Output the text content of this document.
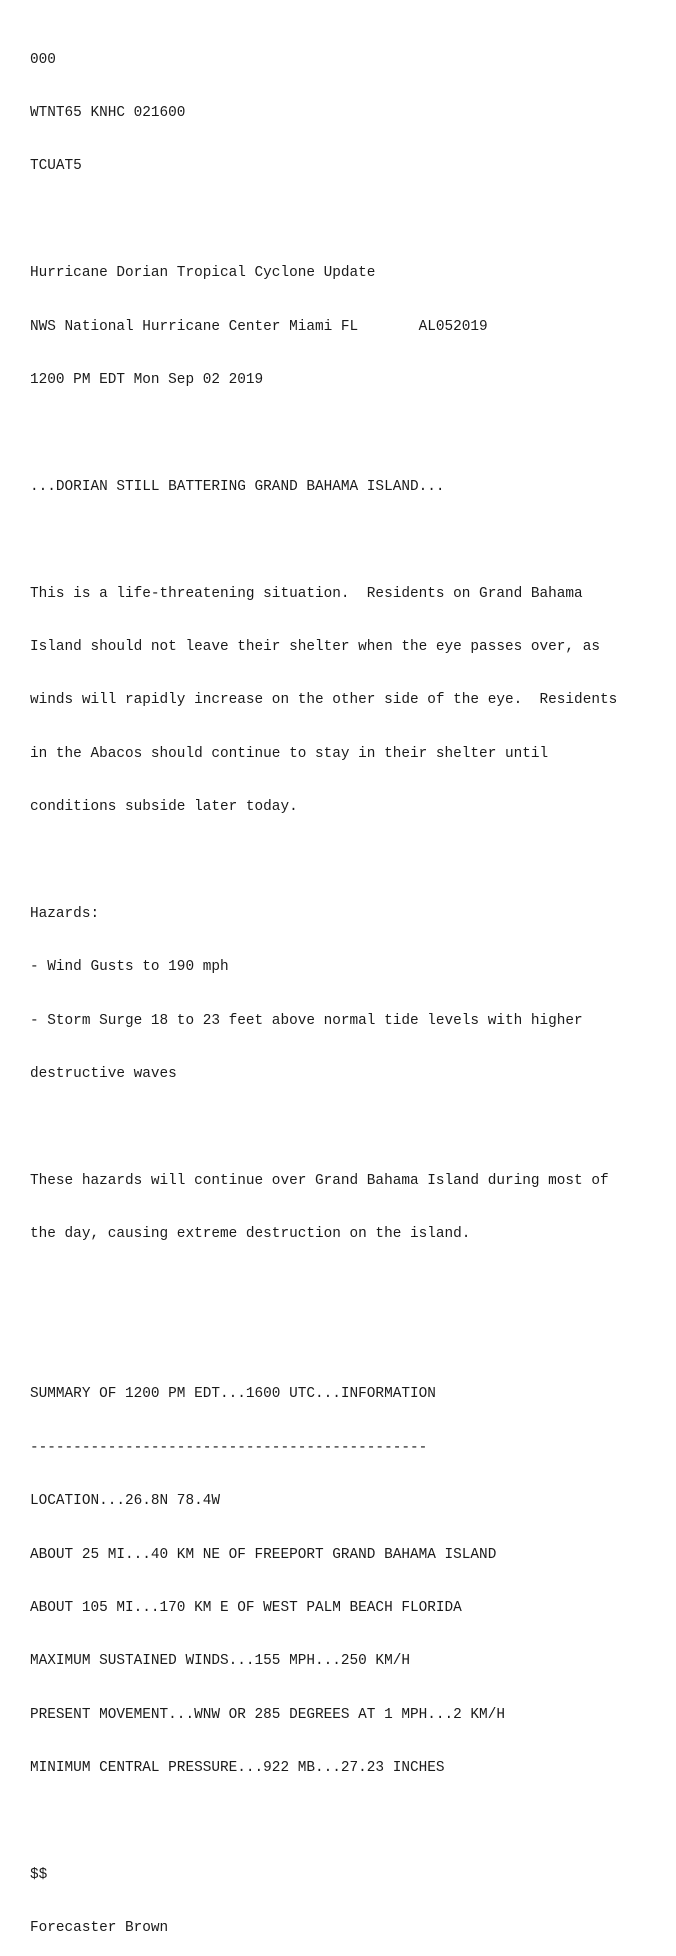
000

WTNT65 KNHC 021600

TCUAT5

Hurricane Dorian Tropical Cyclone Update

NWS National Hurricane Center Miami FL       AL052019

1200 PM EDT Mon Sep 02 2019

...DORIAN STILL BATTERING GRAND BAHAMA ISLAND...

This is a life-threatening situation.  Residents on Grand Bahama

Island should not leave their shelter when the eye passes over, as

winds will rapidly increase on the other side of the eye.  Residents

in the Abacos should continue to stay in their shelter until

conditions subside later today.

Hazards:

- Wind Gusts to 190 mph

- Storm Surge 18 to 23 feet above normal tide levels with higher

destructive waves

These hazards will continue over Grand Bahama Island during most of

the day, causing extreme destruction on the island.

SUMMARY OF 1200 PM EDT...1600 UTC...INFORMATION

----------------------------------------------

LOCATION...26.8N 78.4W

ABOUT 25 MI...40 KM NE OF FREEPORT GRAND BAHAMA ISLAND

ABOUT 105 MI...170 KM E OF WEST PALM BEACH FLORIDA

MAXIMUM SUSTAINED WINDS...155 MPH...250 KM/H

PRESENT MOVEMENT...WNW OR 285 DEGREES AT 1 MPH...2 KM/H

MINIMUM CENTRAL PRESSURE...922 MB...27.23 INCHES

$$

Forecaster Brown
